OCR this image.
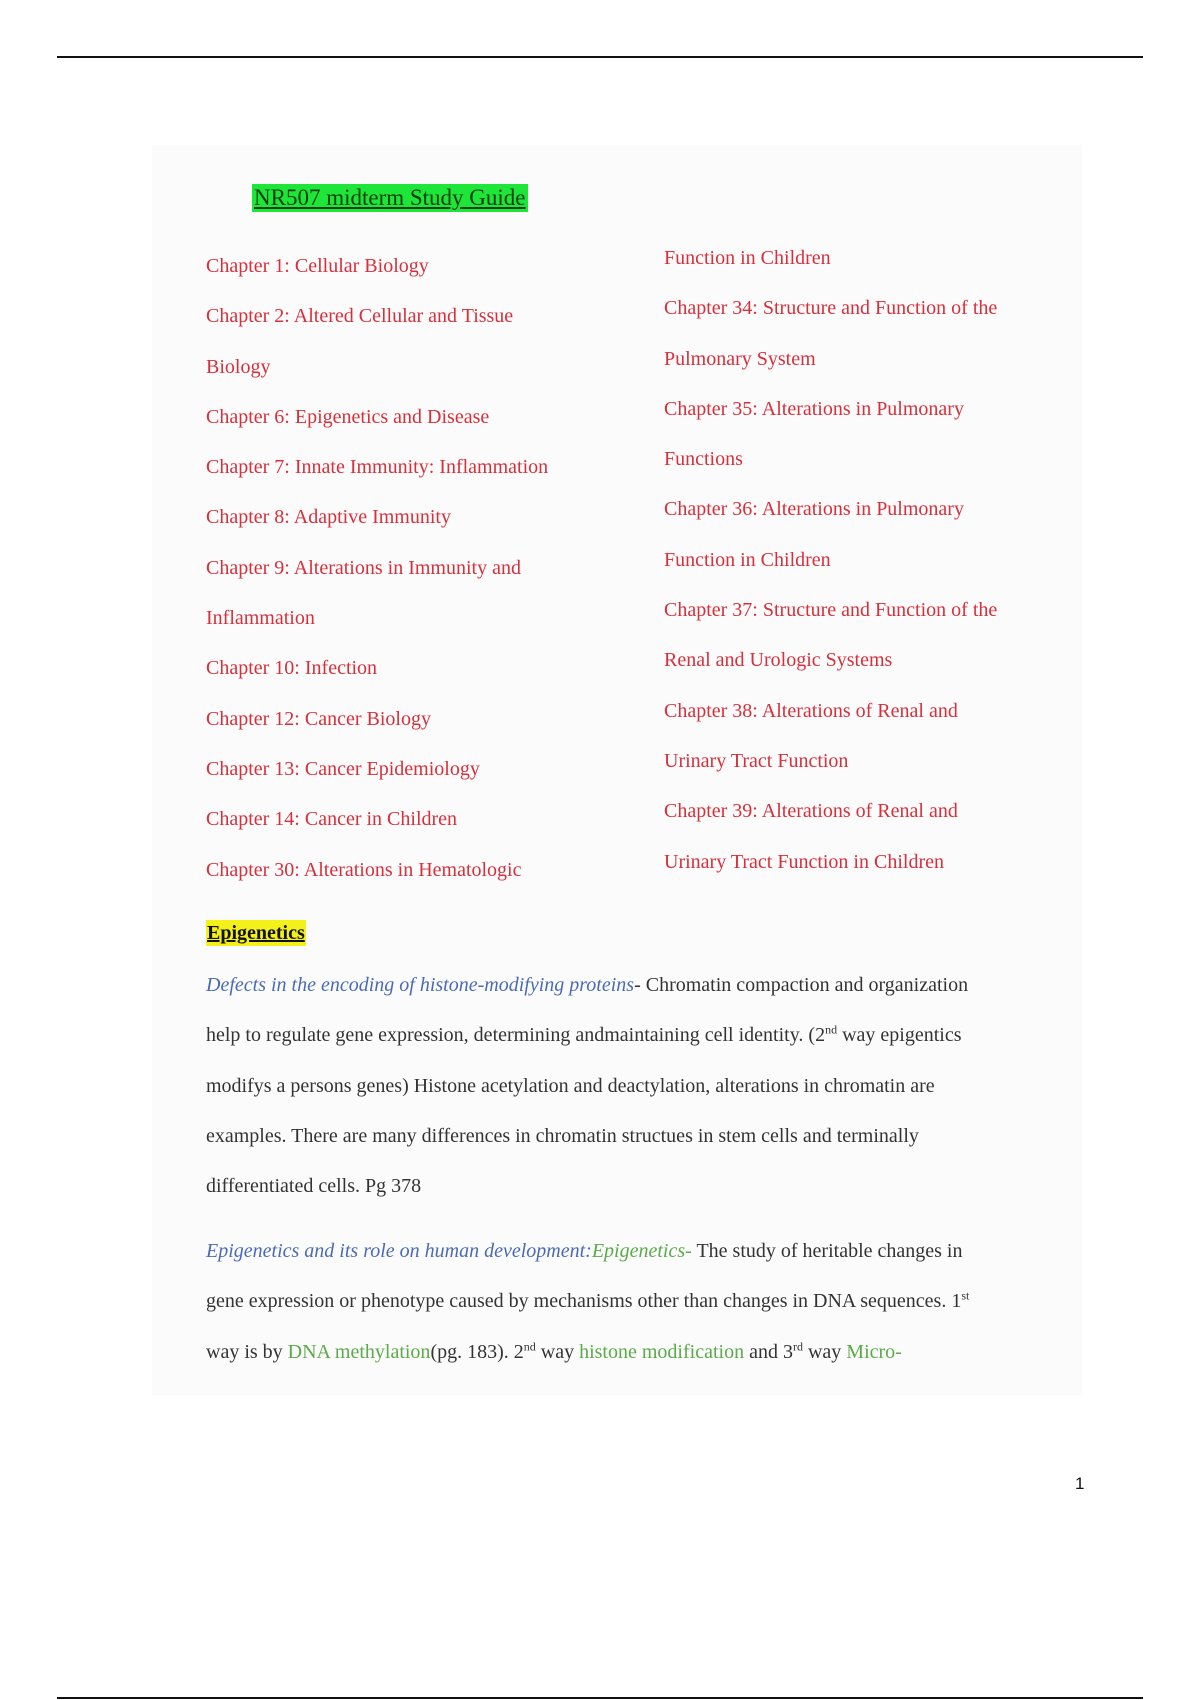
NR507 midterm Study Guide
Chapter 1: Cellular Biology
Chapter 2: Altered Cellular and Tissue
Biology
Chapter 6: Epigenetics and Disease
Chapter 7: Innate Immunity: Inflammation
Chapter 8: Adaptive Immunity
Chapter 9: Alterations in Immunity and
Inflammation
Chapter 10: Infection
Chapter 12: Cancer Biology
Chapter 13: Cancer Epidemiology
Chapter 14: Cancer in Children
Chapter 30: Alterations in Hematologic
Function in Children
Chapter 34: Structure and Function of the
Pulmonary System
Chapter 35: Alterations in Pulmonary
Functions
Chapter 36: Alterations in Pulmonary
Function in Children
Chapter 37: Structure and Function of the
Renal and Urologic Systems
Chapter 38: Alterations of Renal and
Urinary Tract Function
Chapter 39: Alterations of Renal and
Urinary Tract Function in Children
Epigenetics
Defects in the encoding of histone-modifying proteins- Chromatin compaction and organization
help to regulate gene expression, determining andmaintaining cell identity. (2nd way epigentics
modifys a persons genes) Histone acetylation and deactylation, alterations in chromatin are
examples. There are many differences in chromatin structues in stem cells and terminally
differentiated cells. Pg 378
Epigenetics and its role on human development:Epigenetics- The study of heritable changes in
gene expression or phenotype caused by mechanisms other than changes in DNA sequences. 1st
way is by DNA methylation(pg. 183). 2nd way histone modification and 3rd way Micro-
1
